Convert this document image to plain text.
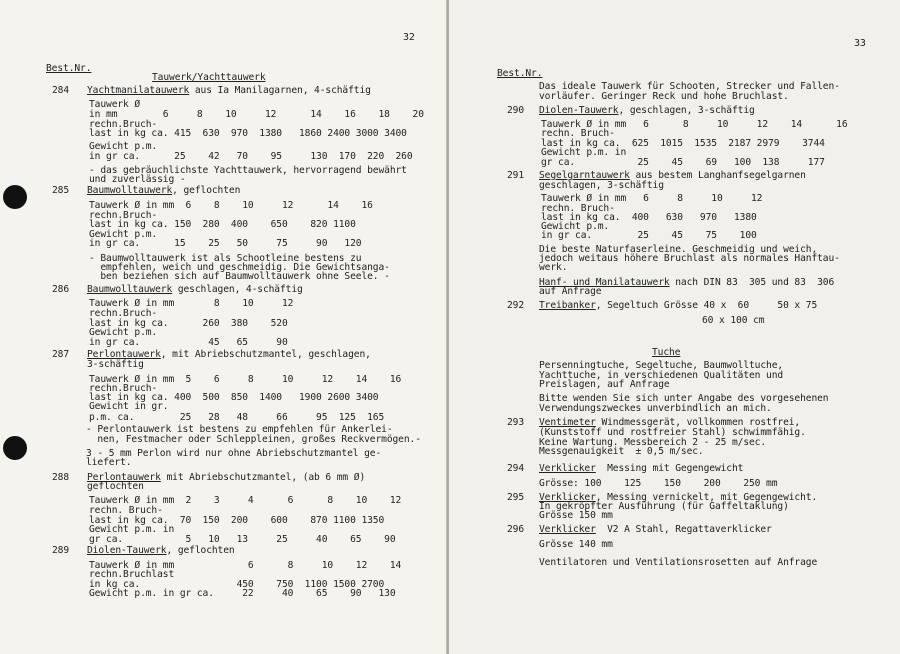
32
Best.Nr.
Tauwerk/Yachttauwerk
284 Yachtmanilatauwerk aus Ia Manilagarnen, 4-schäftig
Tauwerk Ø
in mm        6     8    10     12      14    16    18    20
rechn.Bruch-
last in kg ca. 415  630  970  1380   1860 2400 3000 3400
Gewicht p.m.
in gr ca.      25    42   70    95     130  170  220  260
- das gebräuchlichste Yachttauwerk, hervorragend bewährt
und zuverlässig -
285 Baumwolltauwerk, geflochten
Tauwerk Ø in mm  6    8    10     12      14    16
rechn.Bruch-
last in kg ca. 150  280  400    650    820 1100
Gewicht p.m.
in gr ca.      15    25   50     75     90   120
- Baumwolltauwerk ist als Schootleine bestens zu
empfehlen, weich und geschmeidig. Die Gewichtsanga-
ben beziehen sich auf Baumwolltauwerk ohne Seele. -
286 Baumwolltauwerk geschlagen, 4-schäftig
Tauwerk Ø in mm       8    10     12
rechn.Bruch-
last in kg ca.      260  380    520
Gewicht p.m.
in gr ca.            45   65     90
287 Perlontauwerk, mit Abriebschutzmantel, geschlagen,
3-schäftig
Tauwerk Ø in mm  5    6     8     10     12    14    16
rechn.Bruch-
last in kg ca. 400  500  850  1400   1900 2600 3400
Gewicht in gr.
p.m. ca.        25   28   48     66     95  125  165
- Perlontauwerk ist bestens zu empfehlen für Ankerlei-
nen, Festmacher oder Schleppleinen, großes Reckvermögen.-
3 - 5 mm Perlon wird nur ohne Abriebschutzmantel ge-
liefert.
288 Perlontauwerk mit Abriebschutzmantel, (ab 6 mm Ø)
geflochten
Tauwerk Ø in mm  2    3     4      6      8    10    12
rechn. Bruch-
last in kg ca.  70  150  200    600    870 1100 1350
Gewicht p.m. in
gr ca.           5   10   13     25     40    65    90
289 Diolen-Tauwerk, geflochten
Tauwerk Ø in mm             6      8     10    12    14
rechn.Bruchlast
in kg ca.                 450    750  1100 1500 2700
Gewicht p.m. in gr ca.     22     40    65    90   130
33
Best.Nr.
Das ideale Tauwerk für Schooten, Strecker und Fallen-
vorläufer. Geringer Reck und hohe Bruchlast.
290 Diolen-Tauwerk, geschlagen, 3-schäftig
Tauwerk Ø in mm   6      8     10     12    14      16
rechn. Bruch-
last in kg ca.  625  1015  1535  2187 2979    3744
Gewicht p.m. in
gr ca.           25    45    69   100  138     177
291 Segelgarntauwerk aus bestem Langhanfsegelgarnen
geschlagen, 3-schäftig
Tauwerk Ø in mm   6     8     10     12
rechn. Bruch-
last in kg ca.  400   630   970   1380
Gewicht p.m.
in gr ca.        25    45    75    100
Die beste Naturfaserleine. Geschmeidig und weich,
jedoch weitaus höhere Bruchlast als normales Hanftau-
werk.
Hanf- und Manilatauwerk nach DIN 83  305 und 83  306
auf Anfrage
292 Treibanker, Segeltuch Grösse 40 x  60     50 x 75
60 x 100 cm
Tuche
Persenningtuche, Segeltuche, Baumwolltuche,
Yachttuche, in verschiedenen Qualitäten und
Preislagen, auf Anfrage
Bitte wenden Sie sich unter Angabe des vorgesehenen
Verwendungszweckes unverbindlich an mich.
293 Ventimeter Windmessgerät, vollkommen rostfrei,
(Kunststoff und rostfreier Stahl) schwimmfähig.
Keine Wartung. Messbereich 2 - 25 m/sec.
Messgenauigkeit  ± 0,5 m/sec.
294 Verklicker  Messing mit Gegengewicht
Grösse: 100    125    150    200    250 mm
295 Verklicker, Messing vernickelt, mit Gegengewicht.
In gekröpfter Ausführung (für Gaffeltaklung)
Grösse 150 mm
296 Verklicker  V2 A Stahl, Regattaverklicker
Grösse 140 mm
Ventilatoren und Ventilationsrosetten auf Anfrage
